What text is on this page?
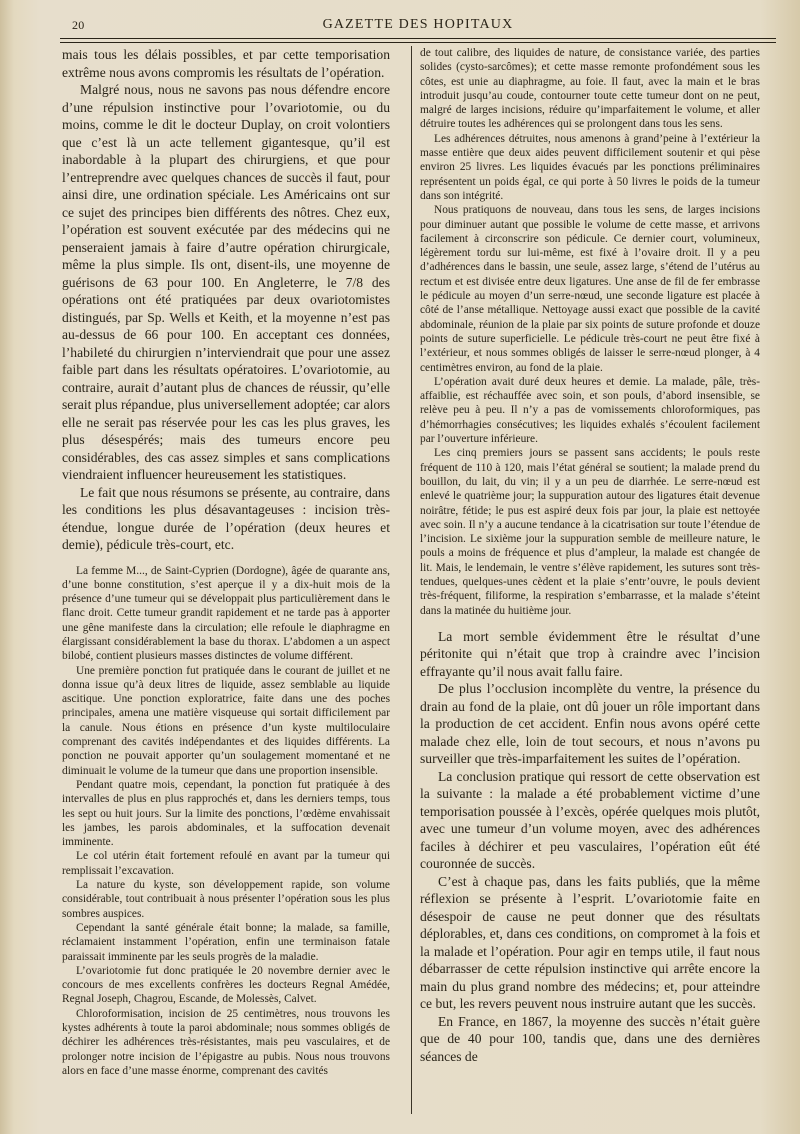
20	GAZETTE DES HOPITAUX

mais tous les délais possibles, et par cette temporisation extrême nous avons compromis les résultats de l’opération.

Malgré nous, nous ne savons pas nous défendre encore d’une répulsion instinctive pour l’ovariotomie, ou du moins, comme le dit le docteur Duplay, on croit volontiers que c’est là un acte tellement gigantesque, qu’il est inabordable à la plupart des chirurgiens, et que pour l’entreprendre avec quelques chances de succès il faut, pour ainsi dire, une ordination spéciale. Les Américains ont sur ce sujet des principes bien différents des nôtres. Chez eux, l’opération est souvent exécutée par des médecins qui ne penseraient jamais à faire d’autre opération chirurgicale, même la plus simple. Ils ont, disent-ils, une moyenne de guérisons de 63 pour 100. En Angleterre, le 7/8 des opérations ont été pratiquées par deux ovariotomistes distingués, par Sp. Wells et Keith, et la moyenne n’est pas au-dessus de 66 pour 100. En acceptant ces données, l’habileté du chirurgien n’interviendrait que pour une assez faible part dans les résultats opératoires. L’ovariotomie, au contraire, aurait d’autant plus de chances de réussir, qu’elle serait plus répandue, plus universellement adoptée; car alors elle ne serait pas réservée pour les cas les plus graves, les plus désespérés; mais des tumeurs encore peu considérables, des cas assez simples et sans complications viendraient influencer heureusement les statistiques.

Le fait que nous résumons se présente, au contraire, dans les conditions les plus désavantageuses : incision très-étendue, longue durée de l’opération (deux heures et demie), pédicule très-court, etc.

La femme M..., de Saint-Cyprien (Dordogne), âgée de quarante ans, d’une bonne constitution, s’est aperçue il y a dix-huit mois de la présence d’une tumeur qui se développait plus particulièrement dans le flanc droit. Cette tumeur grandit rapidement et ne tarde pas à apporter une gêne manifeste dans la circulation; elle refoule le diaphragme en élargissant considérablement la base du thorax. L’abdomen a un aspect bilobé, contient plusieurs masses distinctes de volume différent.

Une première ponction fut pratiquée dans le courant de juillet et ne donna issue qu’à deux litres de liquide, assez semblable au liquide ascitique. Une ponction exploratrice, faite dans une des poches principales, amena une matière visqueuse qui sortait difficilement par la canule. Nous étions en présence d’un kyste multiloculaire comprenant des cavités indépendantes et des liquides différents. La ponction ne pouvait apporter qu’un soulagement momentané et ne diminuait le volume de la tumeur que dans une proportion insensible.

Pendant quatre mois, cependant, la ponction fut pratiquée à des intervalles de plus en plus rapprochés et, dans les derniers temps, tous les sept ou huit jours. Sur la limite des ponctions, l’œdème envahissait les jambes, les parois abdominales, et la suffocation devenait imminente.

Le col utérin était fortement refoulé en avant par la tumeur qui remplissait l’excavation.

La nature du kyste, son développement rapide, son volume considérable, tout contribuait à nous présenter l’opération sous les plus sombres auspices.

Cependant la santé générale était bonne; la malade, sa famille, réclamaient instamment l’opération, enfin une terminaison fatale paraissait imminente par les seuls progrès de la maladie.

L’ovariotomie fut donc pratiquée le 20 novembre dernier avec le concours de mes excellents confrères les docteurs Regnal Amédée, Regnal Joseph, Chagrou, Escande, de Molessès, Calvet.

Chloroformisation, incision de 25 centimètres, nous trouvons les kystes adhérents à toute la paroi abdominale; nous sommes obligés de déchirer les adhérences très-résistantes, mais peu vasculaires, et de prolonger notre incision de l’épigastre au pubis. Nous nous trouvons alors en face d’une masse énorme, comprenant des cavités

de tout calibre, des liquides de nature, de consistance variée, des parties solides (cysto-sarcômes); et cette masse remonte profondément sous les côtes, est unie au diaphragme, au foie. Il faut, avec la main et le bras introduit jusqu’au coude, contourner toute cette tumeur dont on ne peut, malgré de larges incisions, réduire qu’imparfaitement le volume, et aller détruire toutes les adhérences qui se prolongent dans tous les sens.

Les adhérences détruites, nous amenons à grand’peine à l’extérieur la masse entière que deux aides peuvent difficilement soutenir et qui pèse environ 25 livres. Les liquides évacués par les ponctions préliminaires représentent un poids égal, ce qui porte à 50 livres le poids de la tumeur dans son intégrité.

Nous pratiquons de nouveau, dans tous les sens, de larges incisions pour diminuer autant que possible le volume de cette masse, et arrivons facilement à circonscrire son pédicule. Ce dernier court, volumineux, légèrement tordu sur lui-même, est fixé à l’ovaire droit. Il y a peu d’adhérences dans le bassin, une seule, assez large, s’étend de l’utérus au rectum et est divisée entre deux ligatures. Une anse de fil de fer embrasse le pédicule au moyen d’un serre-nœud, une seconde ligature est placée à côté de l’anse métallique. Nettoyage aussi exact que possible de la cavité abdominale, réunion de la plaie par six points de suture profonde et douze points de suture superficielle. Le pédicule très-court ne peut être fixé à l’extérieur, et nous sommes obligés de laisser le serre-nœud plonger, à 4 centimètres environ, au fond de la plaie.

L’opération avait duré deux heures et demie. La malade, pâle, très-affaiblie, est réchauffée avec soin, et son pouls, d’abord insensible, se relève peu à peu. Il n’y a pas de vomissements chloroformiques, pas d’hémorrhagies consécutives; les liquides exhalés s’écoulent facilement par l’ouverture inférieure.

Les cinq premiers jours se passent sans accidents; le pouls reste fréquent de 110 à 120, mais l’état général se soutient; la malade prend du bouillon, du lait, du vin; il y a un peu de diarrhée. Le serre-nœud est enlevé le quatrième jour; la suppuration autour des ligatures était devenue noirâtre, fétide; le pus est aspiré deux fois par jour, la plaie est nettoyée avec soin. Il n’y a aucune tendance à la cicatrisation sur toute l’étendue de l’incision. Le sixième jour la suppuration semble de meilleure nature, le pouls a moins de fréquence et plus d’ampleur, la malade est changée de lit. Mais, le lendemain, le ventre s’élève rapidement, les sutures sont très-tendues, quelques-unes cèdent et la plaie s’entr’ouvre, le pouls devient très-fréquent, filiforme, la respiration s’embarrasse, et la malade s’éteint dans la matinée du huitième jour.

La mort semble évidemment être le résultat d’une péritonite qui n’était que trop à craindre avec l’incision effrayante qu’il nous avait fallu faire.

De plus l’occlusion incomplète du ventre, la présence du drain au fond de la plaie, ont dû jouer un rôle important dans la production de cet accident. Enfin nous avons opéré cette malade chez elle, loin de tout secours, et nous n’avons pu surveiller que très-imparfaitement les suites de l’opération.

La conclusion pratique qui ressort de cette observation est la suivante : la malade a été probablement victime d’une temporisation poussée à l’excès, opérée quelques mois plutôt, avec une tumeur d’un volume moyen, avec des adhérences faciles à déchirer et peu vasculaires, l’opération eût été couronnée de succès.

C’est à chaque pas, dans les faits publiés, que la même réflexion se présente à l’esprit. L’ovariotomie faite en désespoir de cause ne peut donner que des résultats déplorables, et, dans ces conditions, on compromet à la fois et la malade et l’opération. Pour agir en temps utile, il faut nous débarrasser de cette répulsion instinctive qui arrête encore la main du plus grand nombre des médecins; et, pour atteindre ce but, les revers peuvent nous instruire autant que les succès.

En France, en 1867, la moyenne des succès n’était guère que de 40 pour 100, tandis que, dans une des dernières séances de
